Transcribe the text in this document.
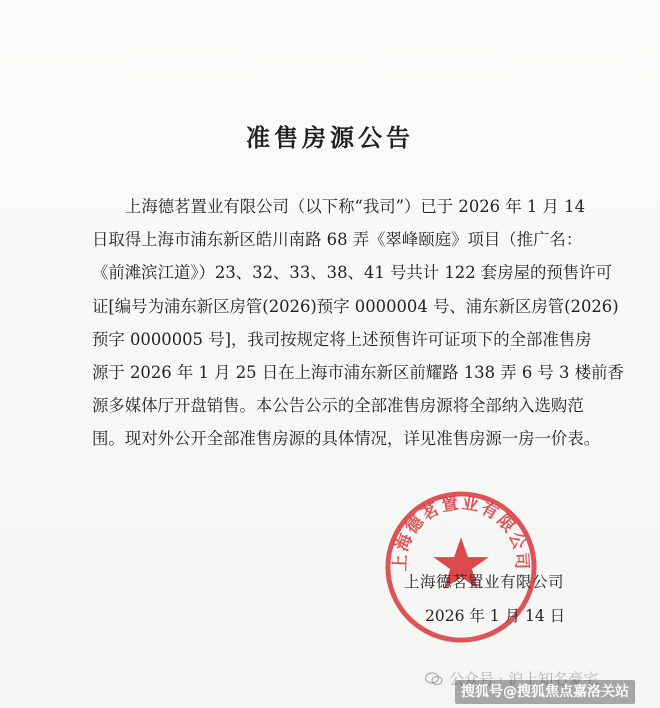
准售房源公告
上海德茗置业有限公司（以下称“我司”）已于 2026 年 1 月 14
日取得上海市浦东新区皓川南路 68 弄《翠峰颐庭》项目（推广名：
《前滩滨江道》）23、32、33、38、41 号共计 122 套房屋的预售许可
证[编号为浦东新区房管(2026)预字 0000004 号、浦东新区房管(2026)
预字 0000005 号]，我司按规定将上述预售许可证项下的全部准售房
源于 2026 年 1 月 25 日在上海市浦东新区前耀路 138 弄 6 号 3 楼前香
源多媒体厅开盘销售。本公告公示的全部准售房源将全部纳入选购范
围。现对外公开全部准售房源的具体情况，详见准售房源一房一价表。
上海德茗置业有限公司
上海德茗置业有限公司
2026 年 1 月 14 日
公众号 · 沪上知名豪宅
搜狐号@搜狐焦点嘉洛关站
